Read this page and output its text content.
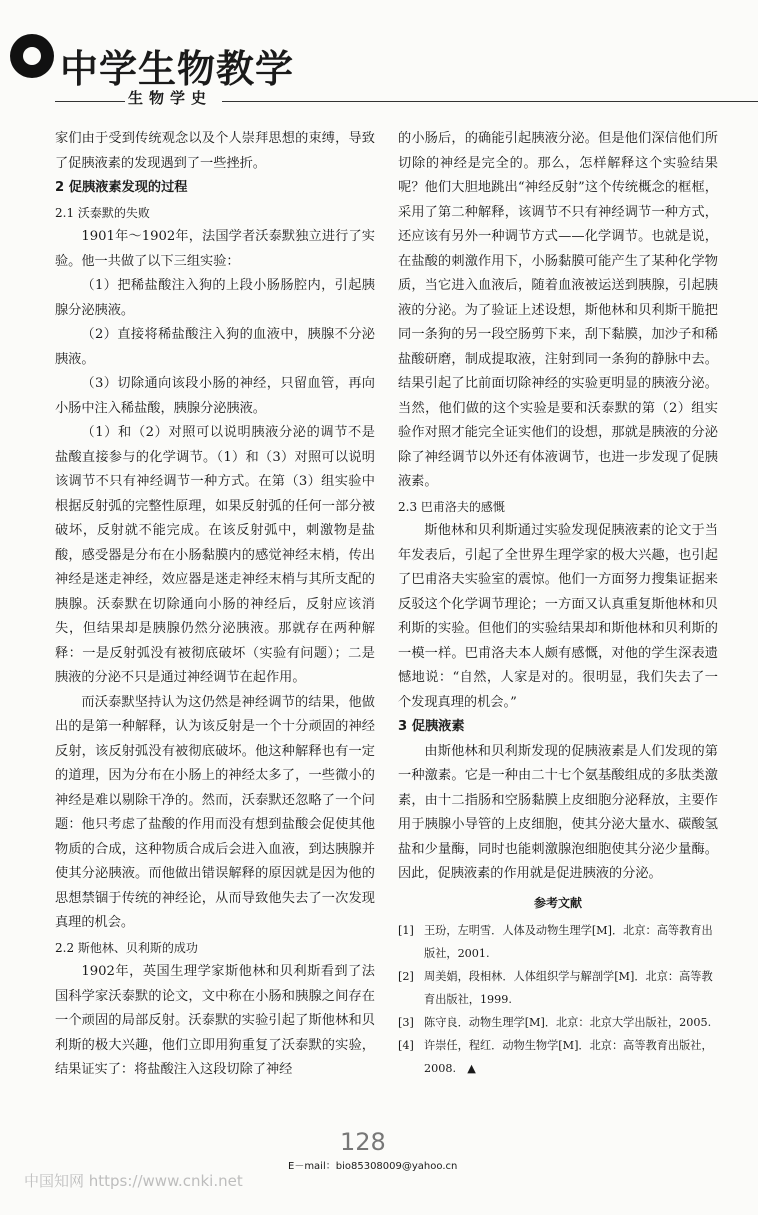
中学生物教学
生物学史

家们由于受到传统观念以及个人崇拜思想的束缚，导致了促胰液素的发现遇到了一些挫折。

2 促胰液素发现的过程

2.1 沃泰默的失败

1901年～1902年，法国学者沃泰默独立进行了实验。他一共做了以下三组实验：

（1）把稀盐酸注入狗的上段小肠肠腔内，引起胰腺分泌胰液。

（2）直接将稀盐酸注入狗的血液中，胰腺不分泌胰液。

（3）切除通向该段小肠的神经，只留血管，再向小肠中注入稀盐酸，胰腺分泌胰液。

（1）和（2）对照可以说明胰液分泌的调节不是盐酸直接参与的化学调节。（1）和（3）对照可以说明该调节不只有神经调节一种方式。在第（3）组实验中根据反射弧的完整性原理，如果反射弧的任何一部分被破坏，反射就不能完成。在该反射弧中，刺激物是盐酸，感受器是分布在小肠黏膜内的感觉神经末梢，传出神经是迷走神经，效应器是迷走神经末梢与其所支配的胰腺。沃泰默在切除通向小肠的神经后，反射应该消失，但结果却是胰腺仍然分泌胰液。那就存在两种解释：一是反射弧没有被彻底破坏（实验有问题）；二是胰液的分泌不只是通过神经调节在起作用。

而沃泰默坚持认为这仍然是神经调节的结果，他做出的是第一种解释，认为该反射是一个十分顽固的神经反射，该反射弧没有被彻底破坏。他这种解释也有一定的道理，因为分布在小肠上的神经太多了，一些微小的神经是难以剔除干净的。然而，沃泰默还忽略了一个问题：他只考虑了盐酸的作用而没有想到盐酸会促使其他物质的合成，这种物质合成后会进入血液，到达胰腺并使其分泌胰液。而他做出错误解释的原因就是因为他的思想禁锢于传统的神经论，从而导致他失去了一次发现真理的机会。

2.2 斯他林、贝利斯的成功

1902年，英国生理学家斯他林和贝利斯看到了法国科学家沃泰默的论文，文中称在小肠和胰腺之间存在一个顽固的局部反射。沃泰默的实验引起了斯他林和贝利斯的极大兴趣，他们立即用狗重复了沃泰默的实验，结果证实了：将盐酸注入这段切除了神经

的小肠后，的确能引起胰液分泌。但是他们深信他们所切除的神经是完全的。那么，怎样解释这个实验结果呢？他们大胆地跳出“神经反射”这个传统概念的框框，采用了第二种解释，该调节不只有神经调节一种方式，还应该有另外一种调节方式——化学调节。也就是说，在盐酸的刺激作用下，小肠黏膜可能产生了某种化学物质，当它进入血液后，随着血液被运送到胰腺，引起胰液的分泌。为了验证上述设想，斯他林和贝利斯干脆把同一条狗的另一段空肠剪下来，刮下黏膜，加沙子和稀盐酸研磨，制成提取液，注射到同一条狗的静脉中去。结果引起了比前面切除神经的实验更明显的胰液分泌。当然，他们做的这个实验是要和沃泰默的第（2）组实验作对照才能完全证实他们的设想，那就是胰液的分泌除了神经调节以外还有体液调节，也进一步发现了促胰液素。

2.3 巴甫洛夫的感慨

斯他林和贝利斯通过实验发现促胰液素的论文于当年发表后，引起了全世界生理学家的极大兴趣，也引起了巴甫洛夫实验室的震惊。他们一方面努力搜集证据来反驳这个化学调节理论；一方面又认真重复斯他林和贝利斯的实验。但他们的实验结果却和斯他林和贝利斯的一模一样。巴甫洛夫本人颇有感慨，对他的学生深表遗憾地说：“自然，人家是对的。很明显，我们失去了一个发现真理的机会。”

3 促胰液素

由斯他林和贝利斯发现的促胰液素是人们发现的第一种激素。它是一种由二十七个氨基酸组成的多肽类激素，由十二指肠和空肠黏膜上皮细胞分泌释放，主要作用于胰腺小导管的上皮细胞，使其分泌大量水、碳酸氢盐和少量酶，同时也能刺激腺泡细胞使其分泌少量酶。因此，促胰液素的作用就是促进胰液的分泌。

参考文献
[1] 王玢，左明雪．人体及动物生理学[M]．北京：高等教育出版社，2001.
[2] 周美娟，段相林．人体组织学与解剖学[M]．北京：高等教育出版社，1999.
[3] 陈守良．动物生理学[M]．北京：北京大学出版社，2005.
[4] 许崇任，程红．动物生物学[M]．北京：高等教育出版社，2008.　▲
128
E－mail：bio85308009@yahoo.cn
中国知网 https://www.cnki.net
